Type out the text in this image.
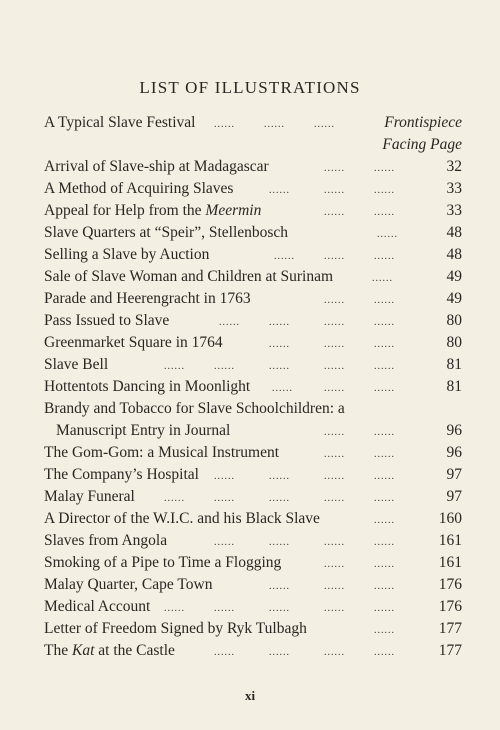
LIST OF ILLUSTRATIONS
A Typical Slave Festival ......	......	......	Frontispiece
Facing Page
Arrival of Slave-ship at Madagascar	......	......	32
A Method of Acquiring Slaves	......	......	......	33
Appeal for Help from the Meermin	......	......	33
Slave Quarters at “Speir”, Stellenbosch	......	48
Selling a Slave by Auction	......	......	......	48
Sale of Slave Woman and Children at Surinam	......	49
Parade and Heerengracht in 1763	......	......	49
Pass Issued to Slave	......	......	......	......	80
Greenmarket Square in 1764	......	......	......	80
Slave Bell	......	......	......	......	......	81
Hottentots Dancing in Moonlight ......	......	......	81
Brandy and Tobacco for Slave Schoolchildren: a
Manuscript Entry in Journal	......	......	96
The Gom-Gom: a Musical Instrument	......	......	96
The Company’s Hospital ......	......	......	......	97
Malay Funeral	......	......	......	......	......	97
A Director of the W.I.C. and his Black Slave	......	160
Slaves from Angola	......	......	......	......	161
Smoking of a Pipe to Time a Flogging	......	......	161
Malay Quarter, Cape Town	......	......	......	176
Medical Account ......	......	......	......	......	176
Letter of Freedom Signed by Ryk Tulbagh	......	177
The Kat at the Castle	......	......	......	......	177
xi
